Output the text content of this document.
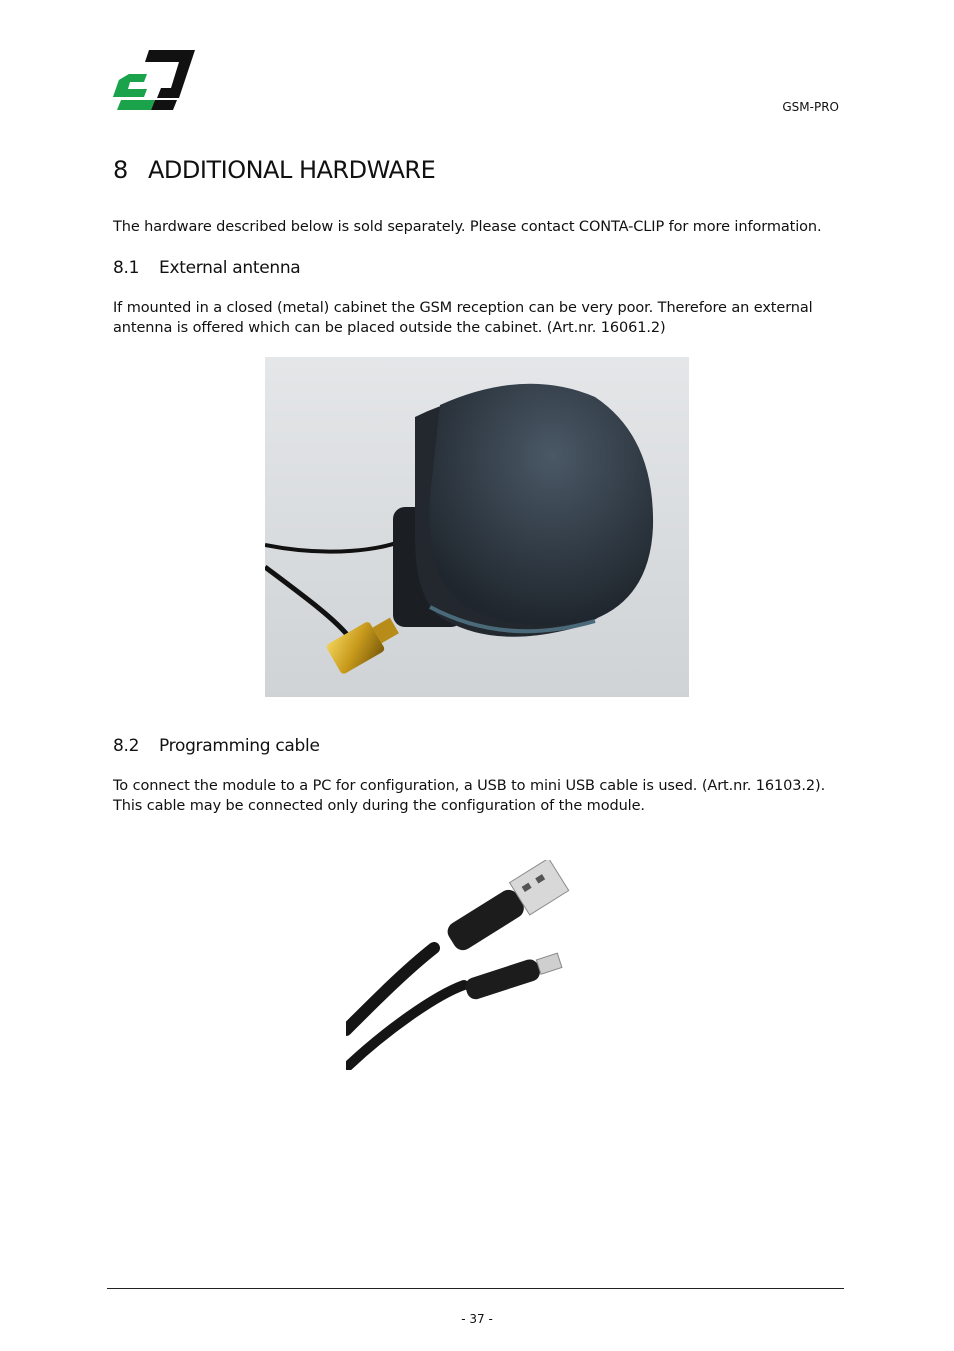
GSM-PRO
8 ADDITIONAL HARDWARE

The hardware described below is sold separately. Please contact CONTA-CLIP for more information.

8.1 External antenna

If mounted in a closed (metal) cabinet the GSM reception can be very poor. Therefore an external
antenna is offered which can be placed outside the cabinet. (Art.nr. 16061.2)

8.2 Programming cable

To connect the module to a PC for configuration, a USB to mini USB cable is used. (Art.nr. 16103.2).
This cable may be connected only during the configuration of the module.

- 37 -
